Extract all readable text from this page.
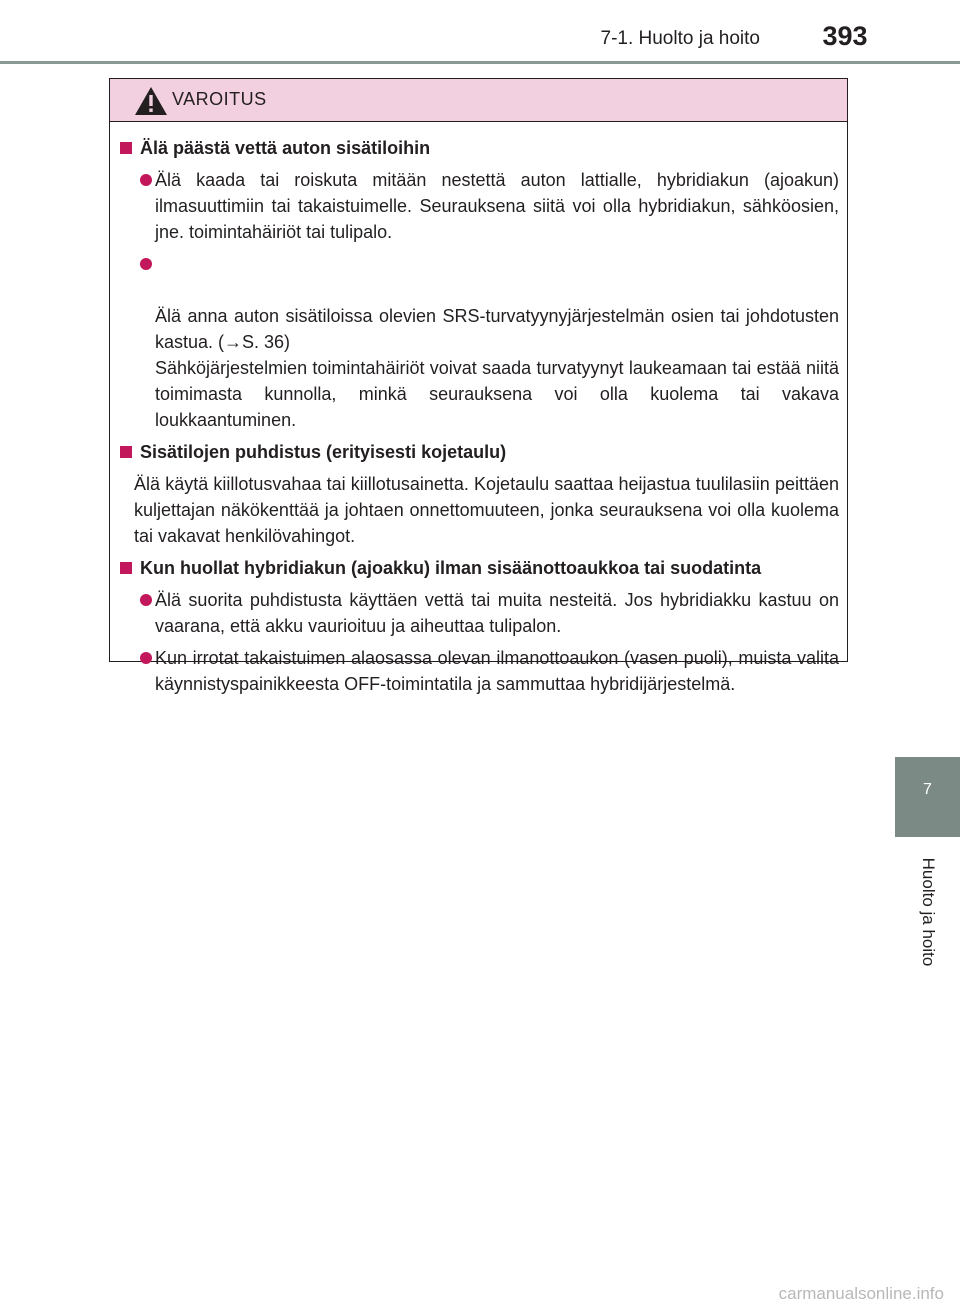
7-1. Huolto ja hoito	393
7
Huolto ja hoito
VAROITUS
Älä päästä vettä auton sisätiloihin
Älä kaada tai roiskuta mitään nestettä auton lattialle, hybridiakun (ajoakun) ilmasuuttimiin tai takaistuimelle. Seurauksena siitä voi olla hybridiakun, sähköosien, jne. toimintahäiriöt tai tulipalo.

Älä anna auton sisätiloissa olevien SRS-turvatyynyjärjestelmän osien tai johdotusten kastua. (→S. 36)
Sähköjärjestelmien toimintahäiriöt voivat saada turvatyynyt laukeamaan tai estää niitä toimimasta kunnolla, minkä seurauksena voi olla kuolema tai vakava loukkaantuminen.

Sisätilojen puhdistus (erityisesti kojetaulu)
Älä käytä kiillotusvahaa tai kiillotusainetta. Kojetaulu saattaa heijastua tuulilasiin peittäen kuljettajan näkökenttää ja johtaen onnettomuuteen, jonka seurauksena voi olla kuolema tai vakavat henkilövahingot.
Kun huollat hybridiakun (ajoakku) ilman sisäänottoaukkoa tai suodatinta
Älä suorita puhdistusta käyttäen vettä tai muita nesteitä. Jos hybridiakku kastuu on vaarana, että akku vaurioituu ja aiheuttaa tulipalon.
Kun irrotat takaistuimen alaosassa olevan ilmanottoaukon (vasen puoli), muista valita käynnistyspainikkeesta OFF-toimintatila ja sammuttaa hybridijärjestelmä.
carmanualsonline.info
